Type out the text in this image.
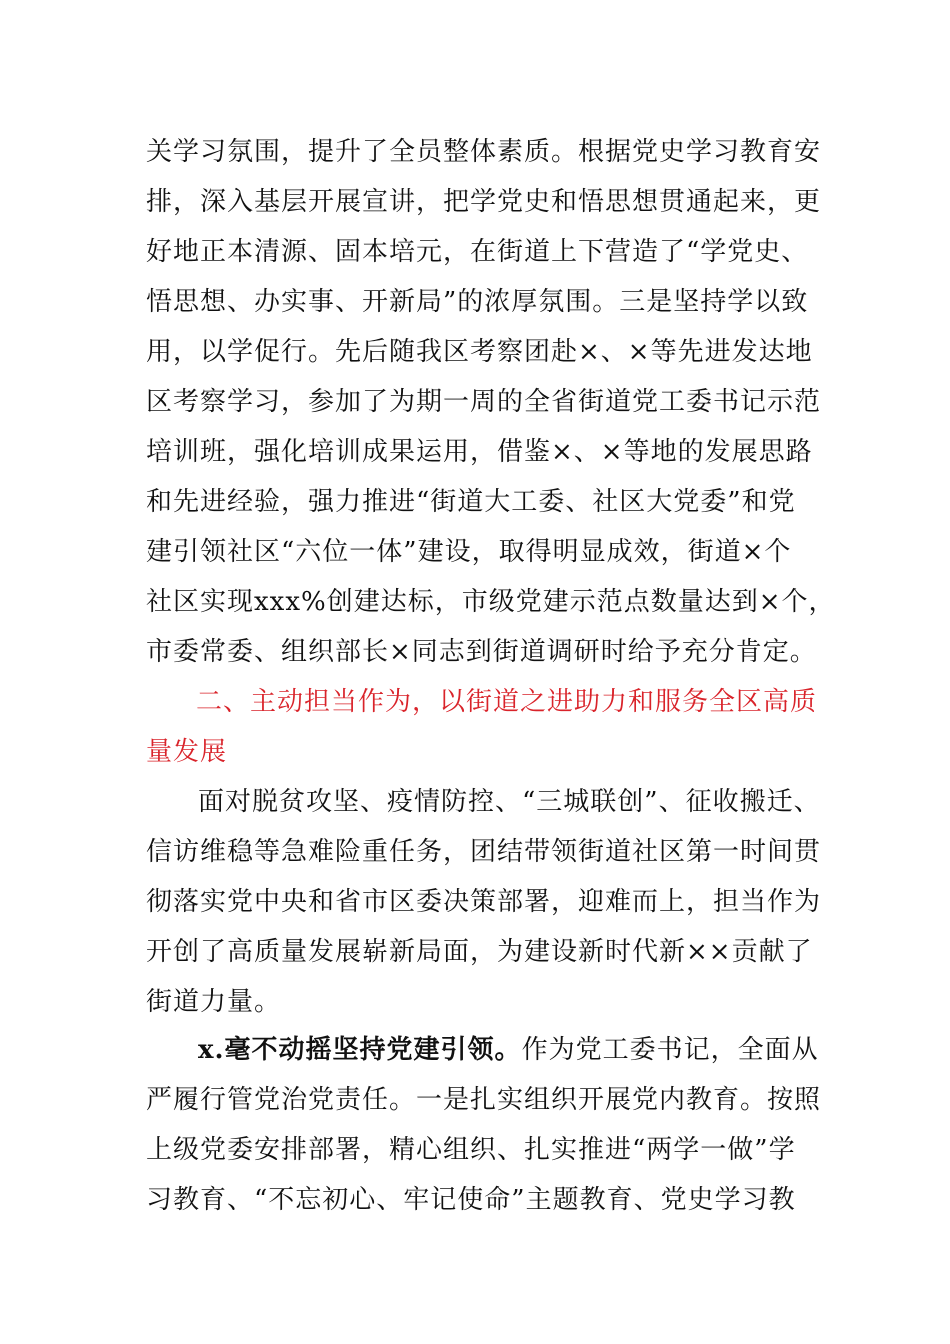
关学习氛围，提升了全员整体素质。根据党史学习教育安
排，深入基层开展宣讲，把学党史和悟思想贯通起来，更
好地正本清源、固本培元，在街道上下营造了“学党史、
悟思想、办实事、开新局”的浓厚氛围。三是坚持学以致
用，以学促行。先后随我区考察团赴×、×等先进发达地
区考察学习，参加了为期一周的全省街道党工委书记示范
培训班，强化培训成果运用，借鉴×、×等地的发展思路
和先进经验，强力推进“街道大工委、社区大党委”和党
建引领社区“六位一体”建设，取得明显成效，街道×个
社区实现xxx%创建达标，市级党建示范点数量达到×个，
市委常委、组织部长×同志到街道调研时给予充分肯定。
二、主动担当作为，以街道之进助力和服务全区高质
量发展
面对脱贫攻坚、疫情防控、“三城联创”、征收搬迁、
信访维稳等急难险重任务，团结带领街道社区第一时间贯
彻落实党中央和省市区委决策部署，迎难而上，担当作为
开创了高质量发展崭新局面，为建设新时代新××贡献了
街道力量。
x.毫不动摇坚持党建引领。作为党工委书记，全面从
严履行管党治党责任。一是扎实组织开展党内教育。按照
上级党委安排部署，精心组织、扎实推进“两学一做”学
习教育、“不忘初心、牢记使命”主题教育、党史学习教
